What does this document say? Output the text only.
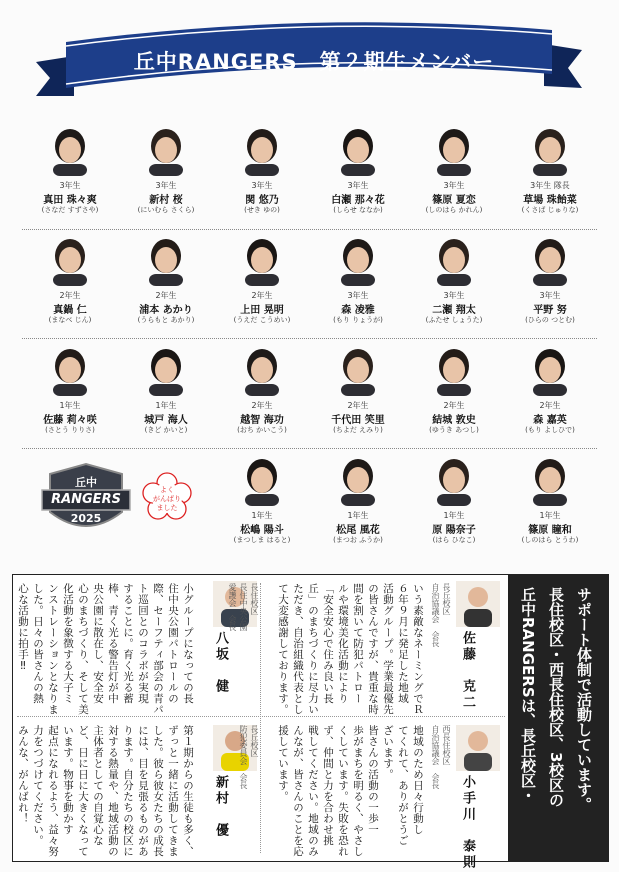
丘中RANGERS　第２期生メンバー
3年生
真田 珠々爽
(さなだ すずさや)
3年生
新村 桜
(にいむら さくら)
3年生
関 悠乃
(せき ゆの)
3年生
白瀬 那々花
(しらせ ななか)
3年生
篠原 夏恋
(しのはら かれん)
3年生 隊長
草場 珠飴菜
(くさば じゅりな)
2年生
真鍋 仁
(まなべ じん)
2年生
浦本 あかり
(うらもと あかり)
2年生
上田 晃明
(うえだ こうめい)
3年生
森 凌雅
(もり りょうが)
3年生
二瀬 翔太
(ふたせ しょうた)
3年生
平野 努
(ひらの つとむ)
1年生
佐藤 莉々咲
(さとう りりさ)
1年生
城戸 海人
(きど かいと)
2年生
越智 海功
(おち かいこう)
2年生
千代田 笑里
(ちよだ えみり)
2年生
結城 敦史
(ゆうき あつし)
2年生
森 嘉英
(もり よしひで)
1年生
松嶋 陽斗
(まつしま はると)
1年生
松尾 風花
(まつお ふうか)
1年生
原 陽奈子
(はら ひなこ)
1年生
篠原 瞳和
(しのはら とうわ)
丘中
RANGERS
2025
よく
がんばり
ました
丘中RANGERSは、長丘校区・ 長住校区・西長住校区、3校区の サポート体制で活動しています。
長丘校区
自治協議会　会長
佐藤　克二
いう素敵なネーミングでＲ
６年９月に発足した地域
活動グループ。学業最優先
の皆さんですが、貴重な時
間を割いて防犯パトロー
ルや環境美化活動により
「安全安心で住み良い長
丘」のまちづくりに尽力い
ただき、自治組織代表とし
て大変感謝しております。
西長住校区
自治協議会　会長
小手川　泰則
地域のため日々行動し
てくれて、ありがとうご
ざいます。
皆さんの活動の一歩一
歩がまちを明るく、やさし
くしています。失敗を恐れ
ず、仲間と力を合わせ挑
戦してください。地域のみ
んなが、皆さんのことを応
援しています。
長住校区
長住中央公園
愛護会　会長
八坂　健
小グループになっての長
住中央公園パトロールの
際、セーフティ部会の青パ
ト巡回とのコラボが実現
することに。育く光る蓄
棒、青く光る警告灯が中
央公園に散在し、安全安
心のまちづくり、そして美
化活動を象徴する大子ミ
ンストレーションとなりま
した。日々の皆さんの熱
心な活動に拍手‼
長丘校区
防犯委員会　会長
新村　優
第１期からの生徒も多く、
ずっと一緒に活動してきま
した。彼ら彼女たちの成長
には、目を見張るものがあ
ります。自分たちの校区に
対する熱量や、地域活動の
主体者としての自覚心な
ど、日に日に大きくなって
います。物事を動かす
起点になれるよう、益々努
力をつづけてください。
みんな、がんばれ！
